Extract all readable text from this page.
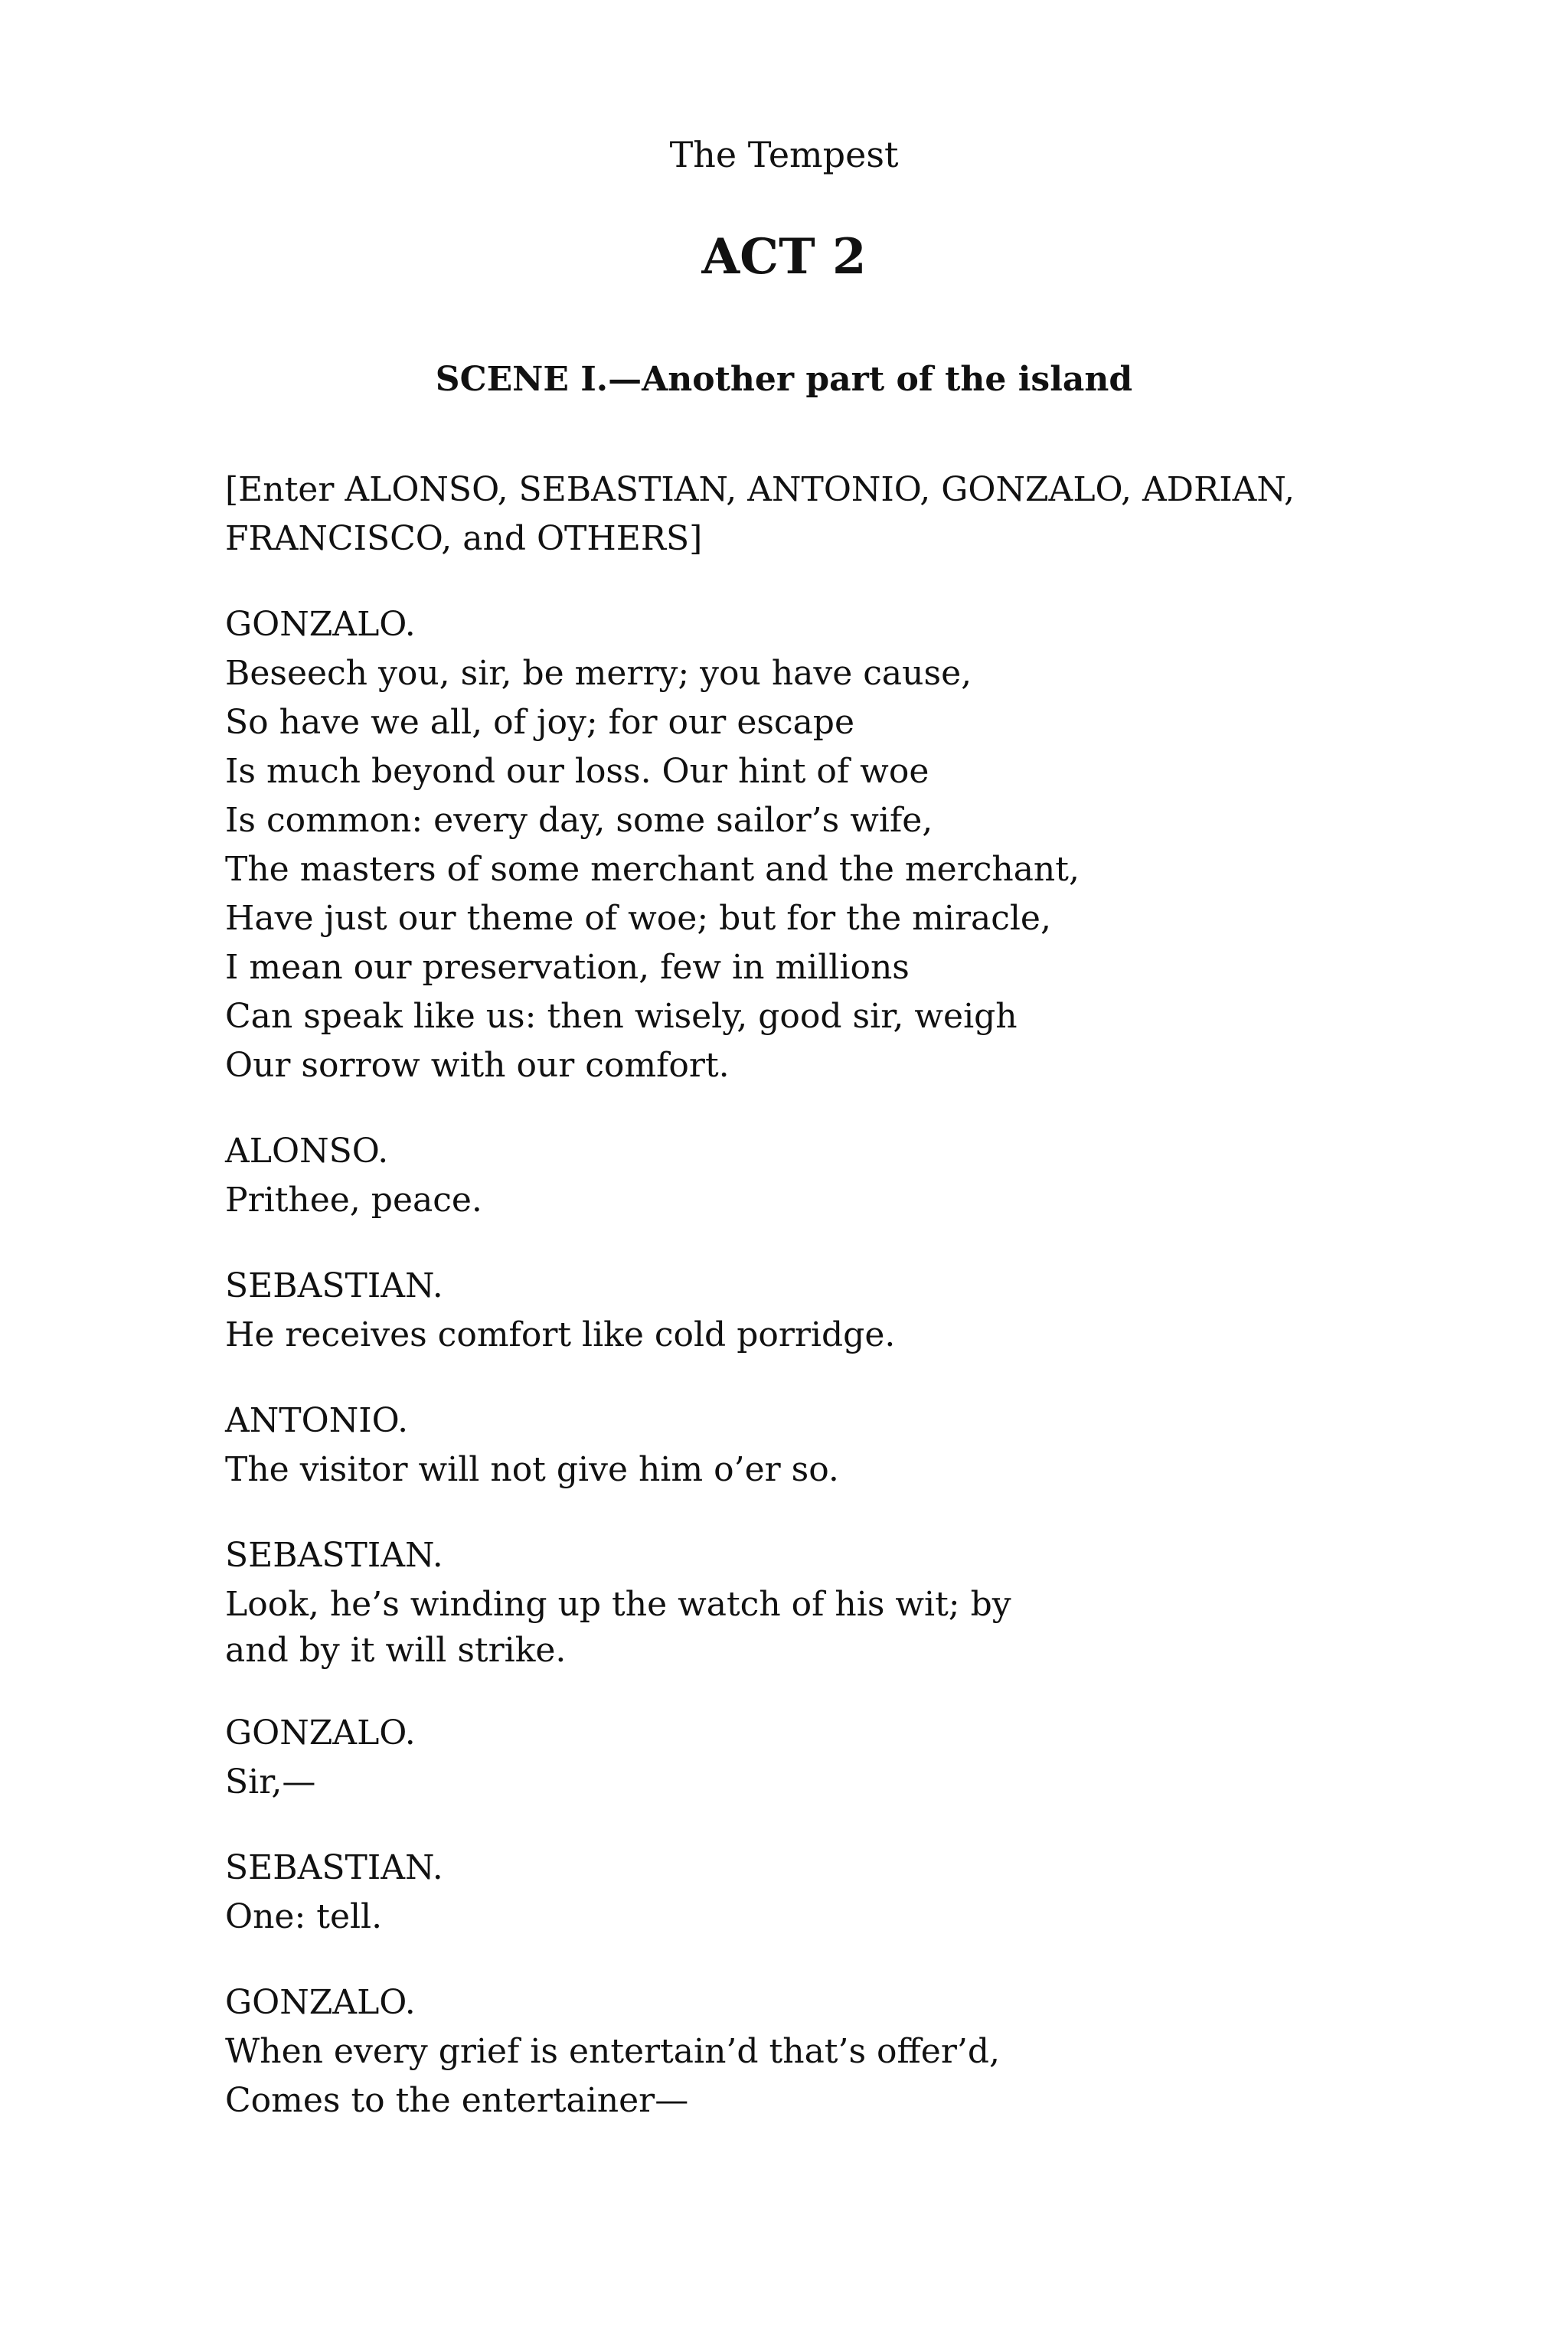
The Tempest
ACT 2
SCENE I.—Another part of the island
[Enter ALONSO, SEBASTIAN, ANTONIO, GONZALO, ADRIAN,
FRANCISCO, and OTHERS]
GONZALO.
Beseech you, sir, be merry; you have cause,
So have we all, of joy; for our escape
Is much beyond our loss. Our hint of woe
Is common: every day, some sailor’s wife,
The masters of some merchant and the merchant,
Have just our theme of woe; but for the miracle,
I mean our preservation, few in millions
Can speak like us: then wisely, good sir, weigh
Our sorrow with our comfort.
ALONSO.
Prithee, peace.
SEBASTIAN.
He receives comfort like cold porridge.
ANTONIO.
The visitor will not give him o’er so.
SEBASTIAN.
Look, he’s winding up the watch of his wit; by
and by it will strike.
GONZALO.
Sir,—
SEBASTIAN.
One: tell.
GONZALO.
When every grief is entertain’d that’s offer’d,
Comes to the entertainer—
